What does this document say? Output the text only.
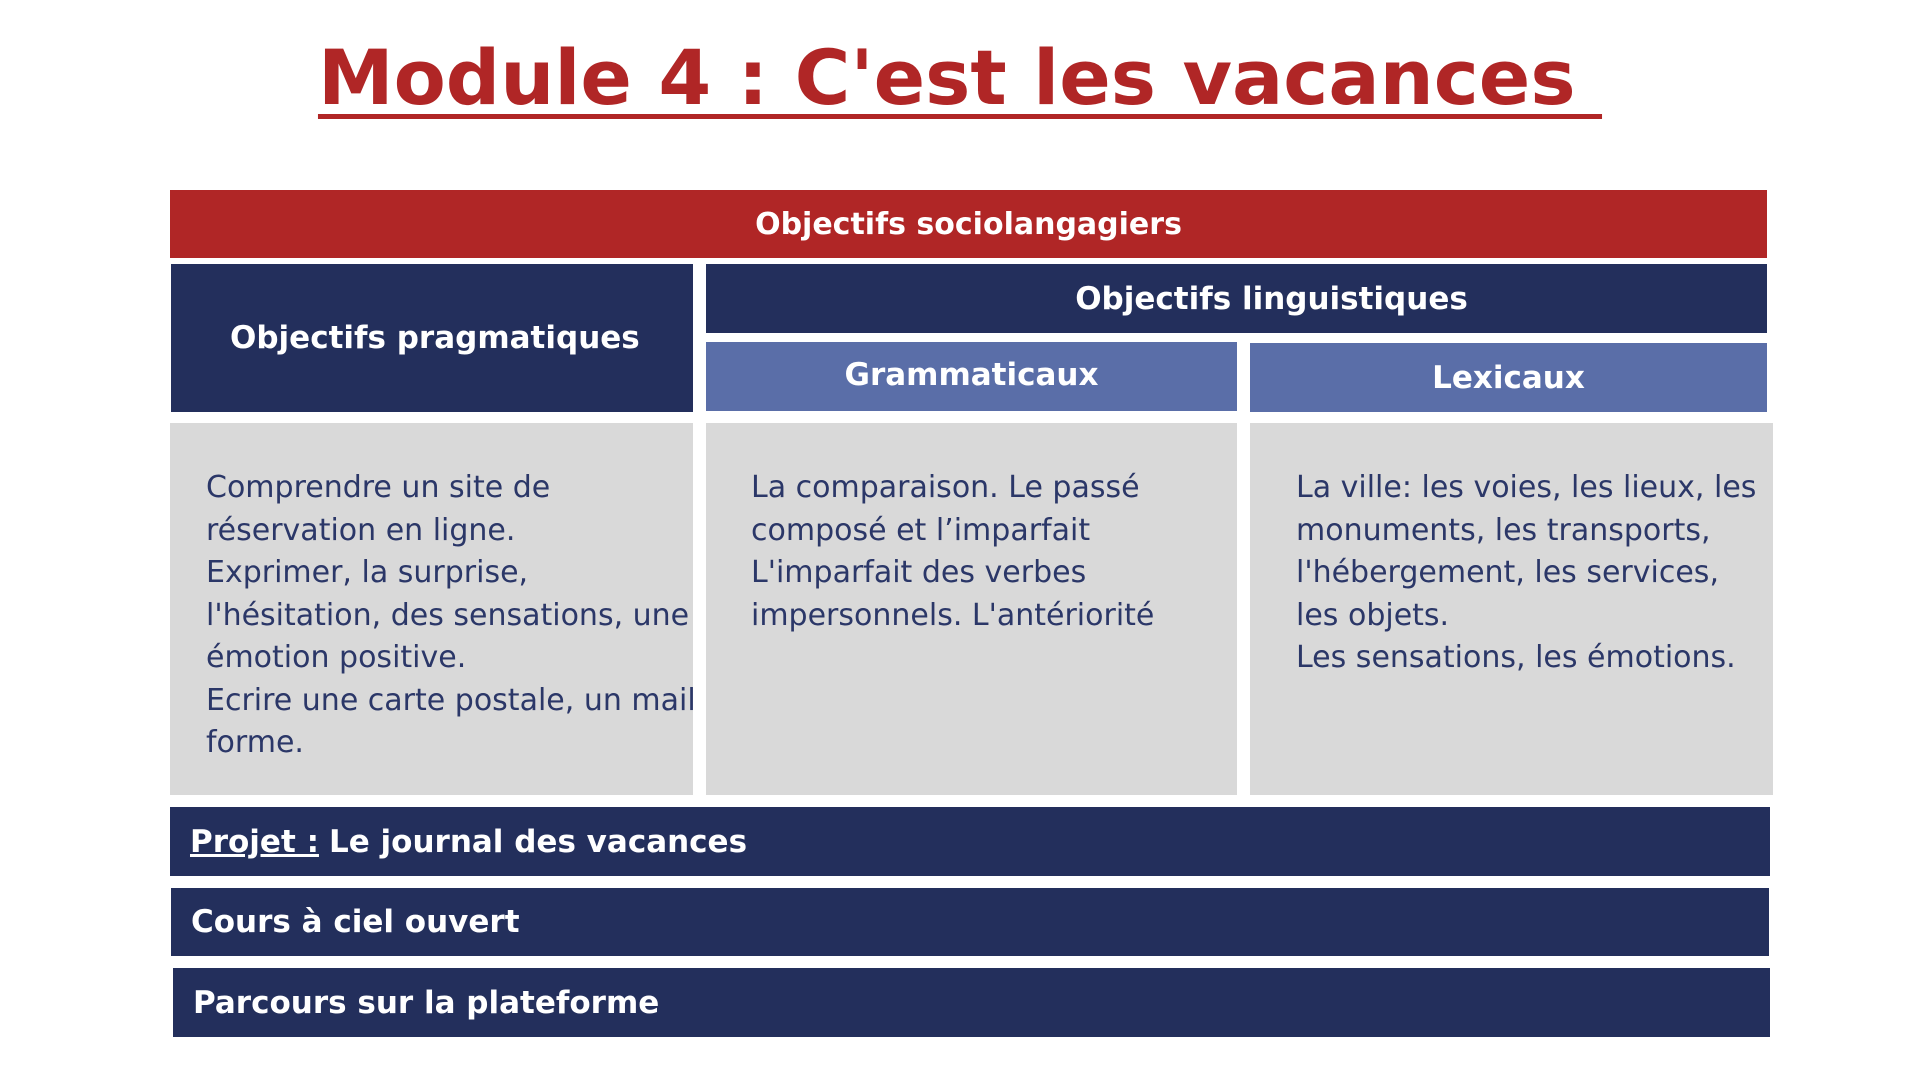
Module 4 : C'est les vacances
Objectifs sociolangagiers
Objectifs pragmatiques
Objectifs linguistiques
Grammaticaux	Lexicaux
Comprendre un site de
réservation en ligne.
Exprimer, la surprise,
l'hésitation, des sensations, une
émotion positive.
Ecrire une carte postale, un mail
forme.
La comparaison. Le passé
composé et l’imparfait
L'imparfait des verbes
impersonnels. L'antériorité
La ville: les voies, les lieux, les
monuments, les transports,
l'hébergement, les services,
les objets.
Les sensations, les émotions.
Projet : Le journal des vacances
Cours à ciel ouvert
Parcours sur la plateforme
